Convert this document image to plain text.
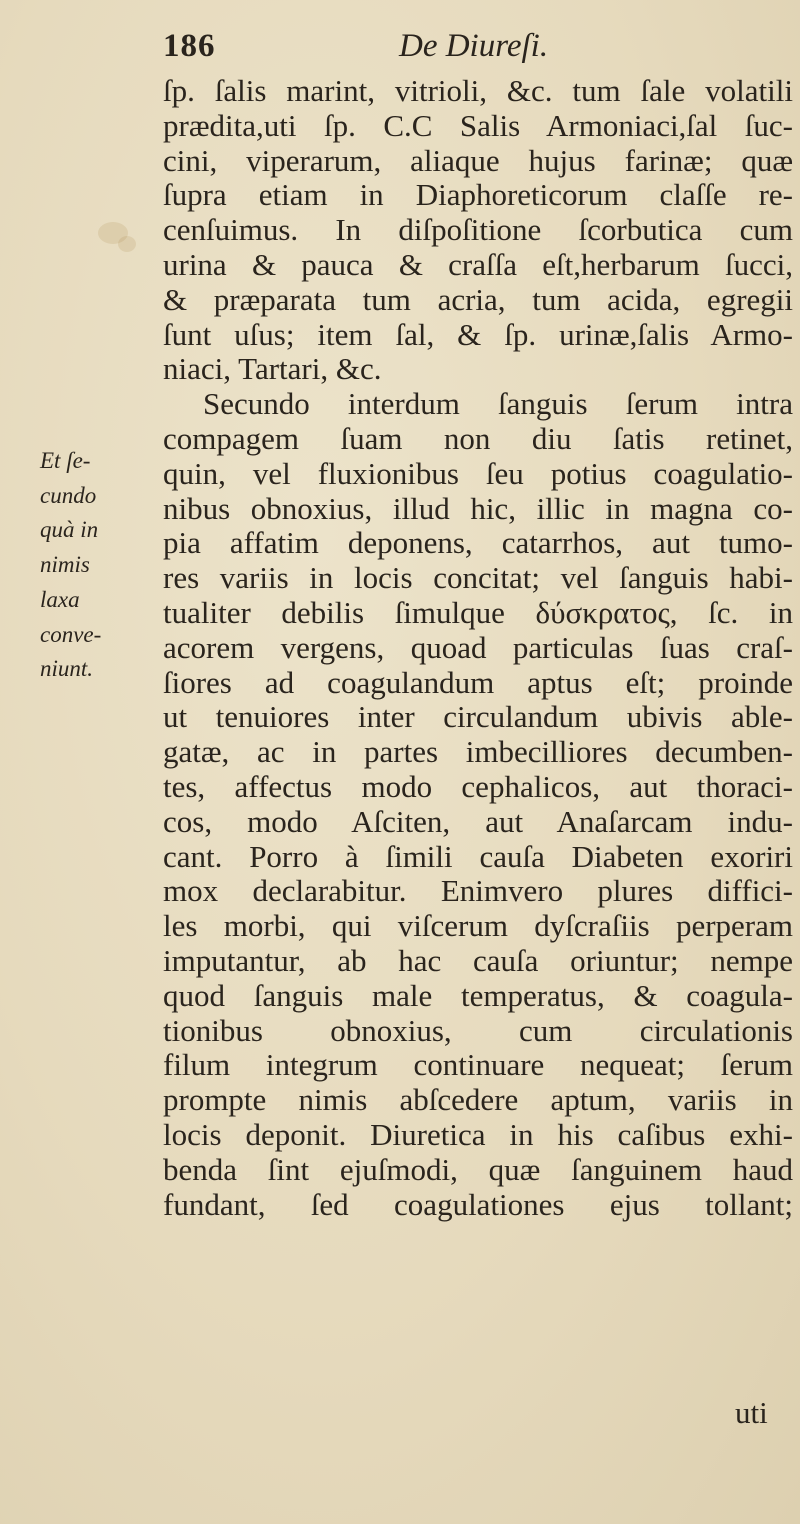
186	De Diureſi.
Et ſe-
cundo
quà in
nimis
laxa
conve-
niunt.
ſp. ſalis marint, vitrioli, &c. tum ſale volatili
prædita,uti ſp. C.C Salis Armoniaci,ſal ſuc-
cini, viperarum, aliaque hujus farinæ; quæ
ſupra etiam in Diaphoreticorum claſſe re-
cenſuimus. In diſpoſitione ſcorbutica cum
urina & pauca & craſſa eſt,herbarum ſucci,
& præparata tum acria, tum acida, egregii
ſunt uſus; item ſal, & ſp. urinæ,ſalis Armo-
niaci, Tartari, &c.
Secundo interdum ſanguis ſerum intra
compagem ſuam non diu ſatis retinet,
quin, vel fluxionibus ſeu potius coagulatio-
nibus obnoxius, illud hic, illic in magna co-
pia affatim deponens, catarrhos, aut tumo-
res variis in locis concitat; vel ſanguis habi-
tualiter debilis ſimulque δύσκρατος, ſc. in
acorem vergens, quoad particulas ſuas craſ-
ſiores ad coagulandum aptus eſt; proinde
ut tenuiores inter circulandum ubivis able-
gatæ, ac in partes imbecilliores decumben-
tes, affectus modo cephalicos, aut thoraci-
cos, modo Aſciten, aut Anaſarcam indu-
cant. Porro à ſimili cauſa Diabeten exoriri
mox declarabitur. Enimvero plures diffici-
les morbi, qui viſcerum dyſcraſiis perperam
imputantur, ab hac cauſa oriuntur; nempe
quod ſanguis male temperatus, & coagula-
tionibus obnoxius, cum circulationis
filum integrum continuare nequeat; ſerum
prompte nimis abſcedere aptum, variis in
locis deponit. Diuretica in his caſibus exhi-
benda ſint ejuſmodi, quæ ſanguinem haud
fundant, ſed coagulationes ejus tollant;
uti
